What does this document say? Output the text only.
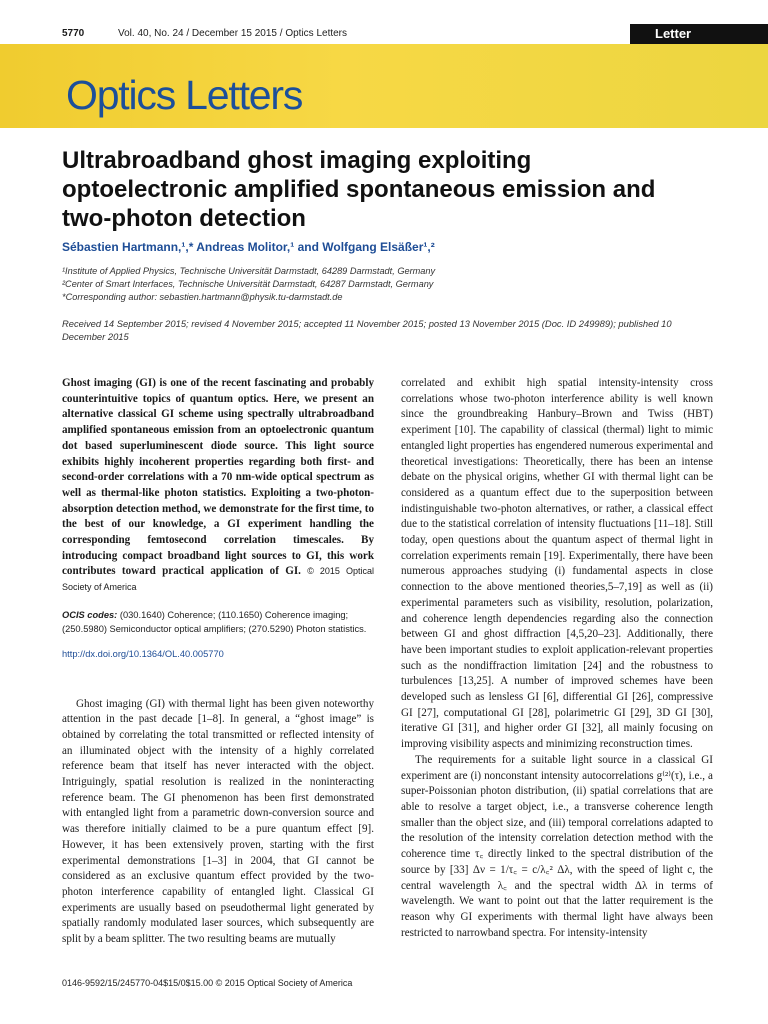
5770	Vol. 40, No. 24 / December 15 2015 / Optics Letters	Letter
Optics Letters
Ultrabroadband ghost imaging exploiting optoelectronic amplified spontaneous emission and two-photon detection
Sébastien Hartmann,¹,* Andreas Molitor,¹ and Wolfgang Elsäßer¹,²
¹Institute of Applied Physics, Technische Universität Darmstadt, 64289 Darmstadt, Germany
²Center of Smart Interfaces, Technische Universität Darmstadt, 64287 Darmstadt, Germany
*Corresponding author: sebastien.hartmann@physik.tu-darmstadt.de
Received 14 September 2015; revised 4 November 2015; accepted 11 November 2015; posted 13 November 2015 (Doc. ID 249989); published 10 December 2015

Ghost imaging (GI) is one of the recent fascinating and probably counterintuitive topics of quantum optics. Here, we present an alternative classical GI scheme using spectrally ultrabroadband amplified spontaneous emission from an optoelectronic quantum dot based superluminescent diode source. This light source exhibits highly incoherent properties regarding both first- and second-order correlations with a 70 nm-wide optical spectrum as well as thermal-like photon statistics. Exploiting a two-photon-absorption detection method, we demonstrate for the first time, to the best of our knowledge, a GI experiment handling the corresponding femtosecond correlation timescales. By introducing compact broadband light sources to GI, this work contributes toward practical application of GI. © 2015 Optical Society of America

OCIS codes: (030.1640) Coherence; (110.1650) Coherence imaging; (250.5980) Semiconductor optical amplifiers; (270.5290) Photon statistics.

http://dx.doi.org/10.1364/OL.40.005770

Ghost imaging (GI) with thermal light has been given noteworthy attention in the past decade [1–8]. In general, a “ghost image” is obtained by correlating the total transmitted or reflected intensity of an illuminated object with the intensity of a highly correlated reference beam that itself has never interacted with the object. Intriguingly, spatial resolution is realized in the noninteracting reference beam. The GI phenomenon has been first demonstrated with entangled light from a parametric down-conversion source and was therefore initially claimed to be a pure quantum effect [9]. However, it has been extensively proven, starting with the first experimental demonstrations [1–3] in 2004, that GI cannot be considered as an exclusive quantum effect provided by the two-photon interference capability of entangled light. Classical GI experiments are usually based on pseudothermal light generated by spatially randomly modulated laser sources, which subsequently are split by a beam splitter. The two resulting beams are mutually

correlated and exhibit high spatial intensity-intensity cross correlations whose two-photon interference ability is well known since the groundbreaking Hanbury–Brown and Twiss (HBT) experiment [10]. The capability of classical (thermal) light to mimic entangled light properties has engendered numerous experimental and theoretical investigations: Theoretically, there has been an intense debate on the physical origins, whether GI with thermal light can be considered as a quantum effect due to the superposition between indistinguishable two-photon alternatives, or rather, a classical effect due to the statistical correlation of intensity fluctuations [11–18]. Still today, open questions about the quantum aspect of thermal light in correlation experiments remain [19]. Experimentally, there have been numerous approaches studying (i) fundamental aspects in close connection to the above mentioned theories,5–7,19] as well as (ii) experimental parameters such as visibility, resolution, polarization, and coherence length dependencies regarding also the connection between GI and ghost diffraction [4,5,20–23]. Additionally, there have been important studies to exploit application-relevant properties such as the nondiffraction limitation [24] and the robustness to turbulences [13,25]. A number of improved schemes have been developed such as lensless GI [6], differential GI [26], compressive GI [27], computational GI [28], polarimetric GI [29], 3D GI [30], iterative GI [31], and higher order GI [32], all mainly focusing on improving visibility aspects and minimizing reconstruction times.

The requirements for a suitable light source in a classical GI experiment are (i) nonconstant intensity autocorrelations g⁽²⁾(τ), i.e., a super-Poissonian photon distribution, (ii) spatial correlations that are able to resolve a target object, i.e., a transverse coherence length smaller than the object size, and (iii) temporal correlations adapted to the resolution of the intensity correlation detection method with the coherence time τ꜀ directly linked to the spectral distribution of the source by [33] Δν = 1/τ꜀ = c/λ꜀² Δλ, with the speed of light c, the central wavelength λ꜀ and the spectral width Δλ in terms of wavelength. We want to point out that the latter requirement is the reason why GI experiments with thermal light have always been restricted to narrowband spectra. For intensity-intensity

0146-9592/15/245770-04$15/0$15.00 © 2015 Optical Society of America
